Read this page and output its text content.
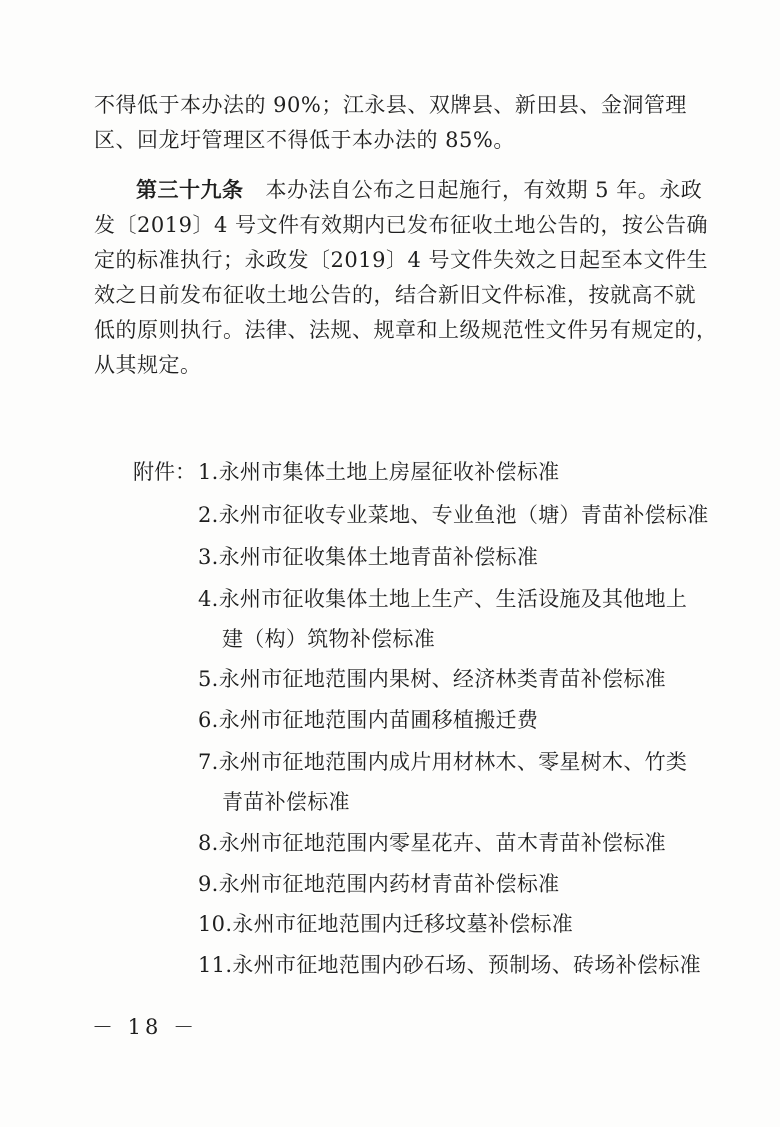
不得低于本办法的 90%；江永县、双牌县、新田县、金洞管理
区、回龙圩管理区不得低于本办法的 85%。

第三十九条 本办法自公布之日起施行，有效期 5 年。永政
发〔2019〕4 号文件有效期内已发布征收土地公告的，按公告确
定的标准执行；永政发〔2019〕4 号文件失效之日起至本文件生
效之日前发布征收土地公告的，结合新旧文件标准，按就高不就
低的原则执行。法律、法规、规章和上级规范性文件另有规定的，
从其规定。

附件： 1.永州市集体土地上房屋征收补偿标准
2.永州市征收专业菜地、专业鱼池（塘）青苗补偿标准
3.永州市征收集体土地青苗补偿标准
4.永州市征收集体土地上生产、生活设施及其他地上
建（构）筑物补偿标准
5.永州市征地范围内果树、经济林类青苗补偿标准
6.永州市征地范围内苗圃移植搬迁费
7.永州市征地范围内成片用材林木、零星树木、竹类
青苗补偿标准
8.永州市征地范围内零星花卉、苗木青苗补偿标准
9.永州市征地范围内药材青苗补偿标准
10.永州市征地范围内迁移坟墓补偿标准
11.永州市征地范围内砂石场、预制场、砖场补偿标准
－ 18 －
